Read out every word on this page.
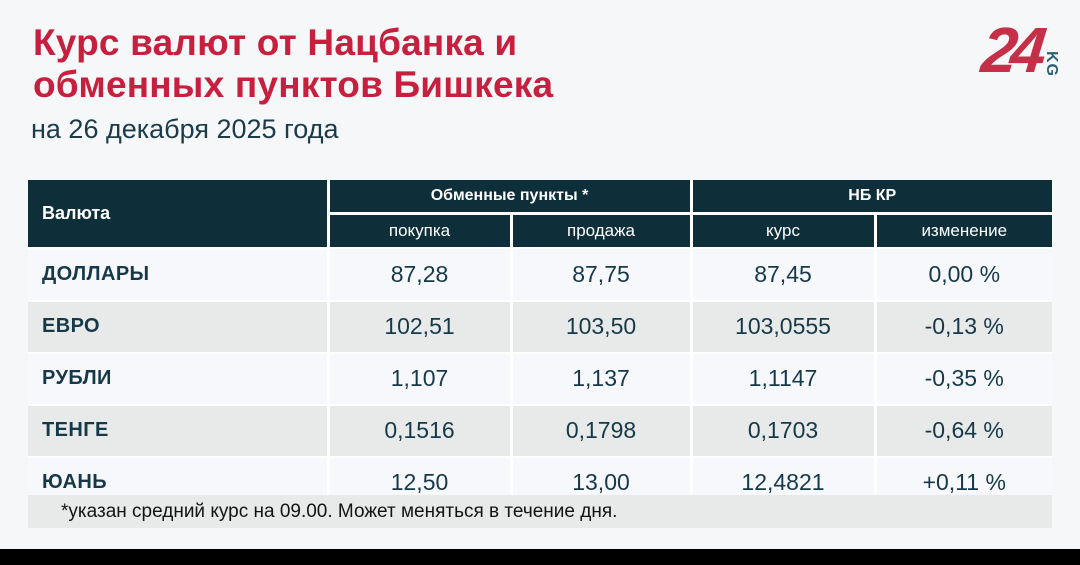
Курс валют от Нацбанка и
обменных пунктов Бишкека
на 26 декабря 2025 года
24 KG
Валюта	Обменные пункты *		НБ КР	
	покупка	продажа	курс	изменение
ДОЛЛАРЫ	87,28	87,75	87,45	0,00 %
ЕВРО	102,51	103,50	103,0555	-0,13 %
РУБЛИ	1,107	1,137	1,1147	-0,35 %
ТЕНГЕ	0,1516	0,1798	0,1703	-0,64 %
ЮАНЬ	12,50	13,00	12,4821	+0,11 %
*указан средний курс на 09.00. Может меняться в течение дня.
